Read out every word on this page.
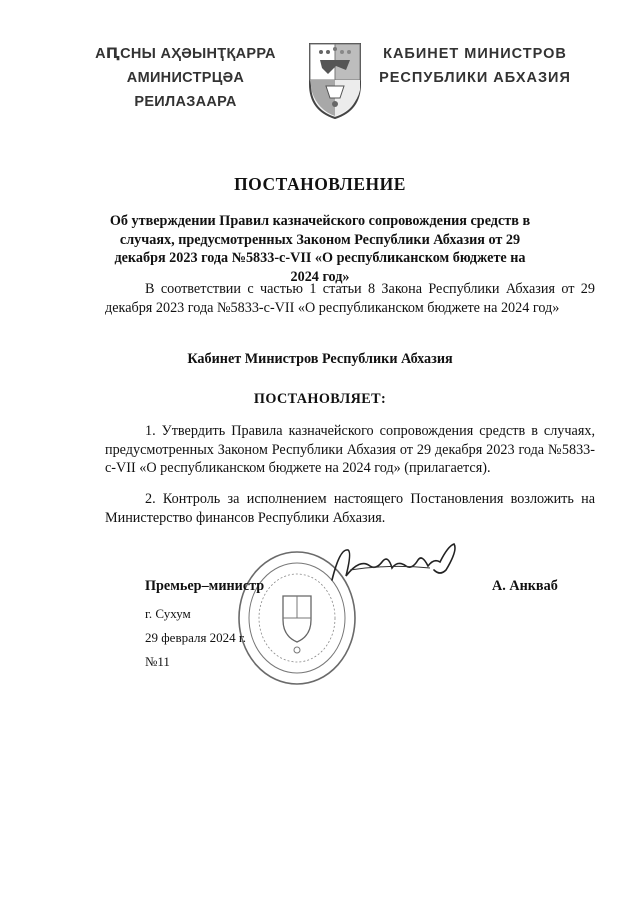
АԤСНЫ АҲƏЫНҬҚАРРА
АМИНИСТРЦƏА РЕИЛАЗААРА
КАБИНЕТ МИНИСТРОВ
РЕСПУБЛИКИ АБХАЗИЯ
ПОСТАНОВЛЕНИЕ
Об утверждении Правил казначейского сопровождения средств в случаях, предусмотренных Законом Республики Абхазия от 29 декабря 2023 года №5833-с-VII «О республиканском бюджете на 2024 год»
В соответствии с частью 1 статьи 8 Закона Республики Абхазия от 29 декабря 2023 года №5833-с-VII «О республиканском бюджете на 2024 год»
Кабинет Министров Республики Абхазия
ПОСТАНОВЛЯЕТ:
1. Утвердить Правила казначейского сопровождения средств в случаях, предусмотренных Законом Республики Абхазия от 29 декабря 2023 года №5833-с-VII «О республиканском бюджете на 2024 год» (прилагается).
2. Контроль за исполнением настоящего Постановления возложить на Министерство финансов Республики Абхазия.
Премьер–министр	А. Анкваб
г. Сухум
29 февраля 2024 г.
№11
